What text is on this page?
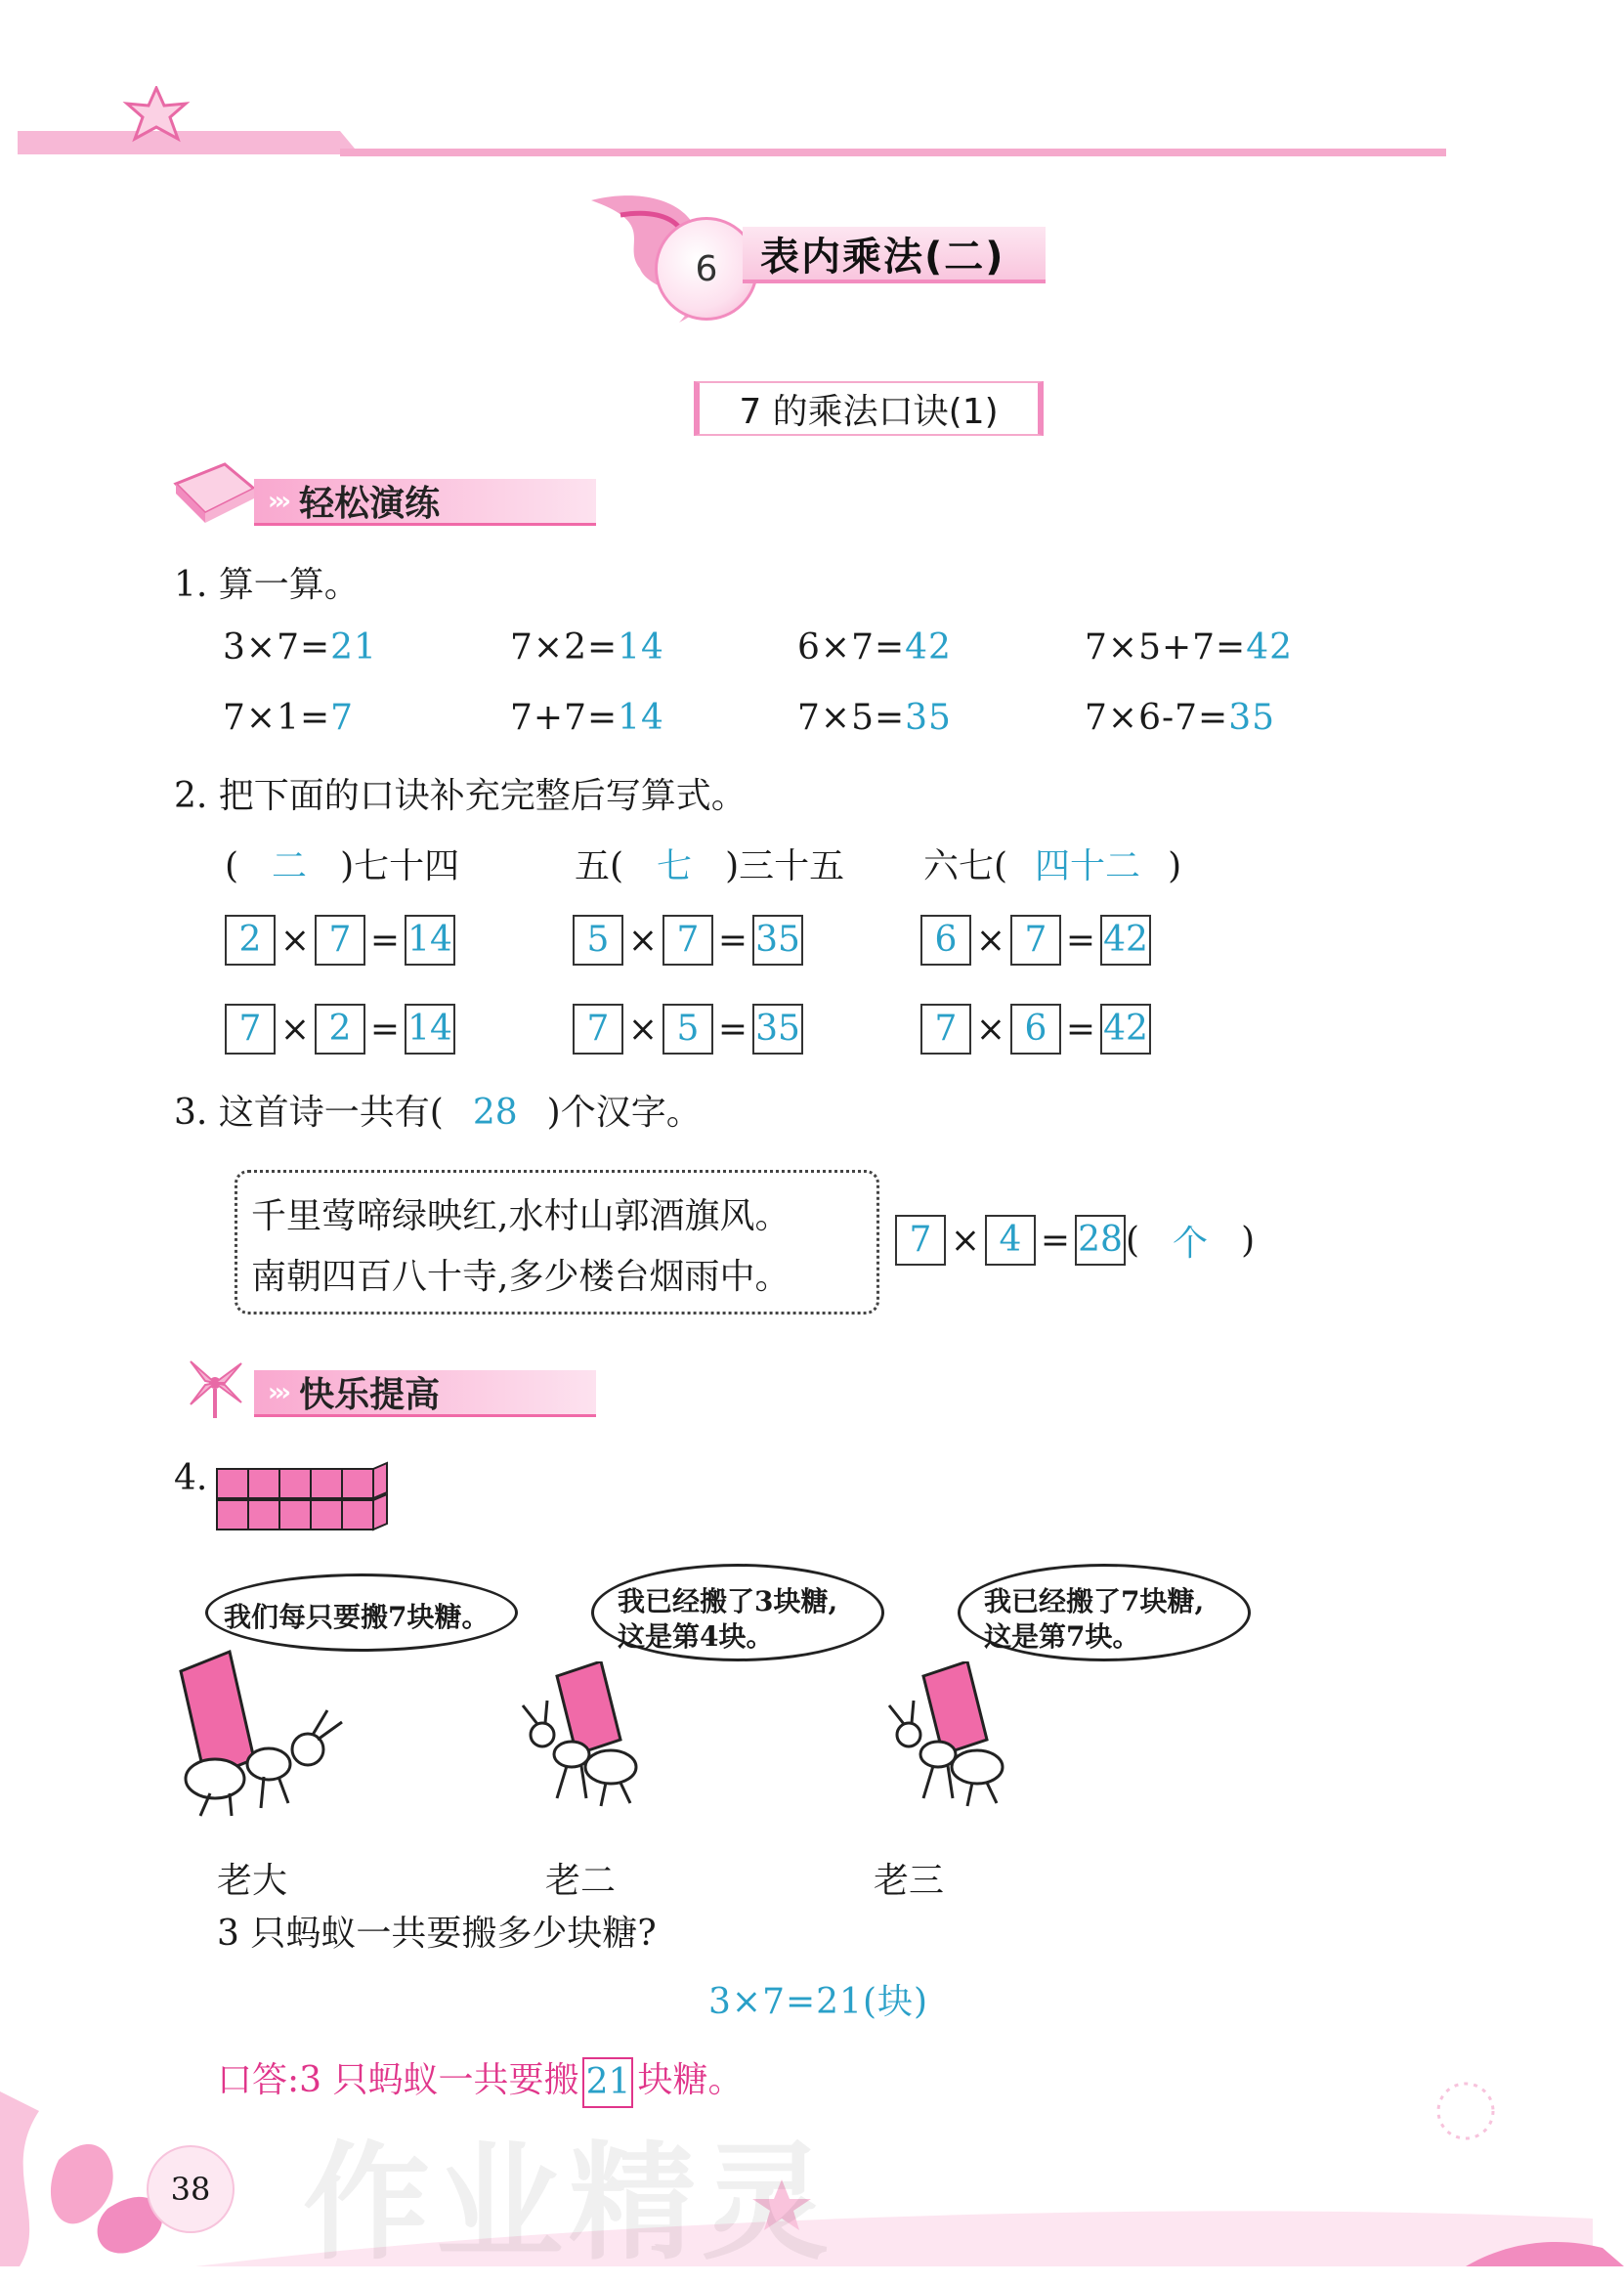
6	表内乘法(二)
7 的乘法口诀(1)
››› 轻松演练
1. 算一算。
3×7=21	7×2=14	6×7=42	7×5+7=42
7×1=7	7+7=14	7×5=35	7×6-7=35
2. 把下面的口诀补充完整后写算式。
( 二 )七十四	五( 七 )三十五 六七( 四十二 )
2 × 7 = 14	5 × 7 = 35	6 × 7 = 42
7 × 2 = 14	7 × 5 = 35	7 × 6 = 42
3. 这首诗一共有( 28 )个汉字。
千里莺啼绿映红,水村山郭酒旗风。
南朝四百八十寺,多少楼台烟雨中。
7 × 4 = 28( 个 )
››› 快乐提高
4.
我们每只要搬7块糖。	我已经搬了3块糖,这是第4块。
我已经搬了7块糖,这是第7块。
老大	老二	老三
3 只蚂蚁一共要搬多少块糖?
3×7=21(块)
口答:3 只蚂蚁一共要搬 21 块糖。
38 作业精灵
